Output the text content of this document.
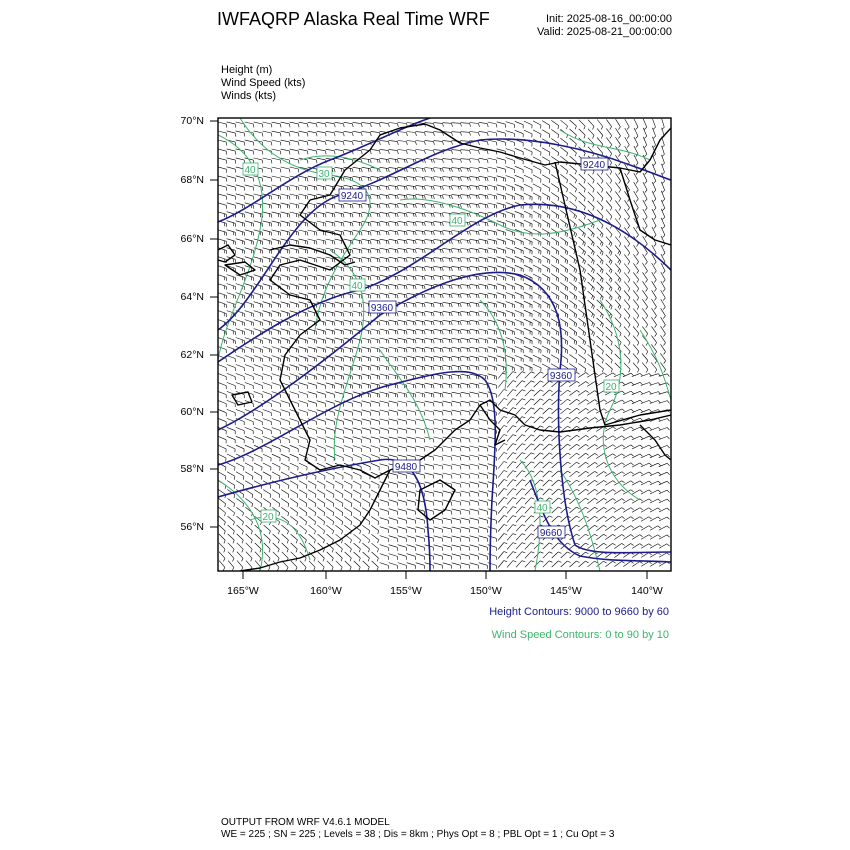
IWFAQRP Alaska Real Time WRF	Init: 2025-08-16_00:00:00
Valid: 2025-08-21_00:00:00
Height (m)
Wind Speed (kts)
Winds (kts)
70°N
68°N
66°N
64°N
62°N
60°N
58°N
56°N
165°W	160°W	155°W	150°W	145°W	140°W
9240
9240
9360
9360
9480
9660
40	30
40
40
20
20
40
Height Contours: 9000 to 9660 by 60
Wind Speed Contours: 0 to 90 by 10
OUTPUT FROM WRF V4.6.1 MODEL
WE = 225 ; SN = 225 ; Levels = 38 ; Dis = 8km ; Phys Opt = 8 ; PBL Opt = 1 ; Cu Opt = 3
